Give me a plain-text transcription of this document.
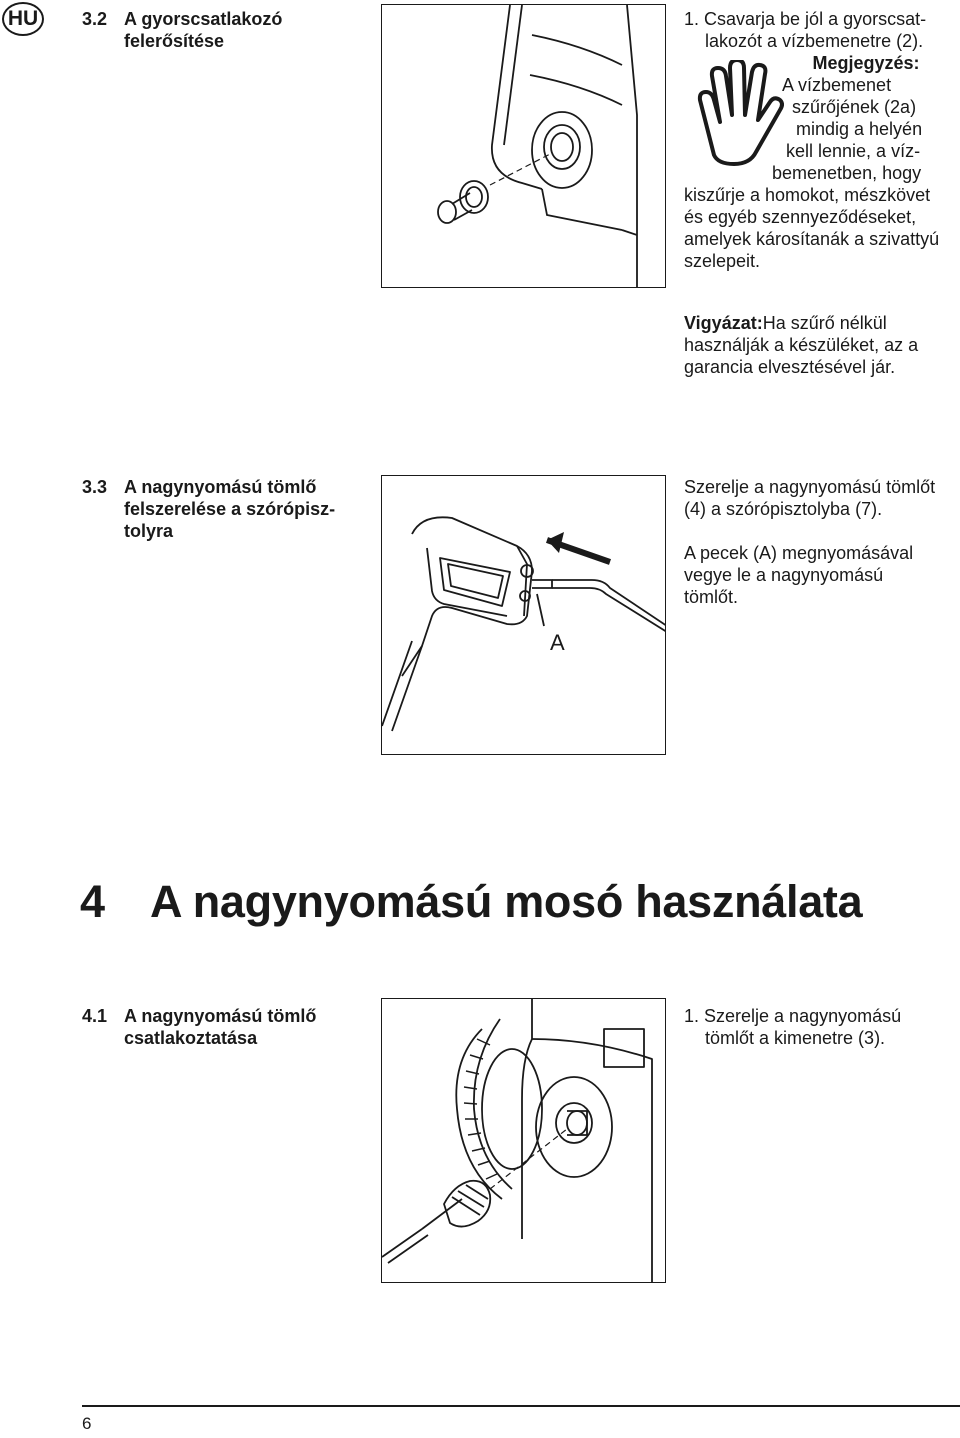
HU	3.2 A gyorscsatlakozó
felerősítése
1. Csavarja be jól a gyorscsat-
lakozót a vízbemenetre (2).
Megjegyzés:
A vízbemenet
szűrőjének (2a)
mindig a helyén
kell lennie, a víz-
bemenetben, hogy
kiszűrje a homokot, mészkövet
és egyéb szennyeződéseket,
amelyek károsítanák a szivattyú
szelepeit.
Vigyázat:Ha szűrő nélkül
használják a készüléket, az a
garancia elvesztésével jár.
3.3 A nagynyomású tömlő
felszerelése a szórópisz-
tolyra
A
Szerelje a nagynyomású tömlőt
(4) a szórópisztolyba (7).
A pecek (A) megnyomásával
vegye le a nagynyomású
tömlőt.
4 A nagynyomású mosó használata
4.1 A nagynyomású tömlő
csatlakoztatása
1. Szerelje a nagynyomású
tömlőt a kimenetre (3).
6
